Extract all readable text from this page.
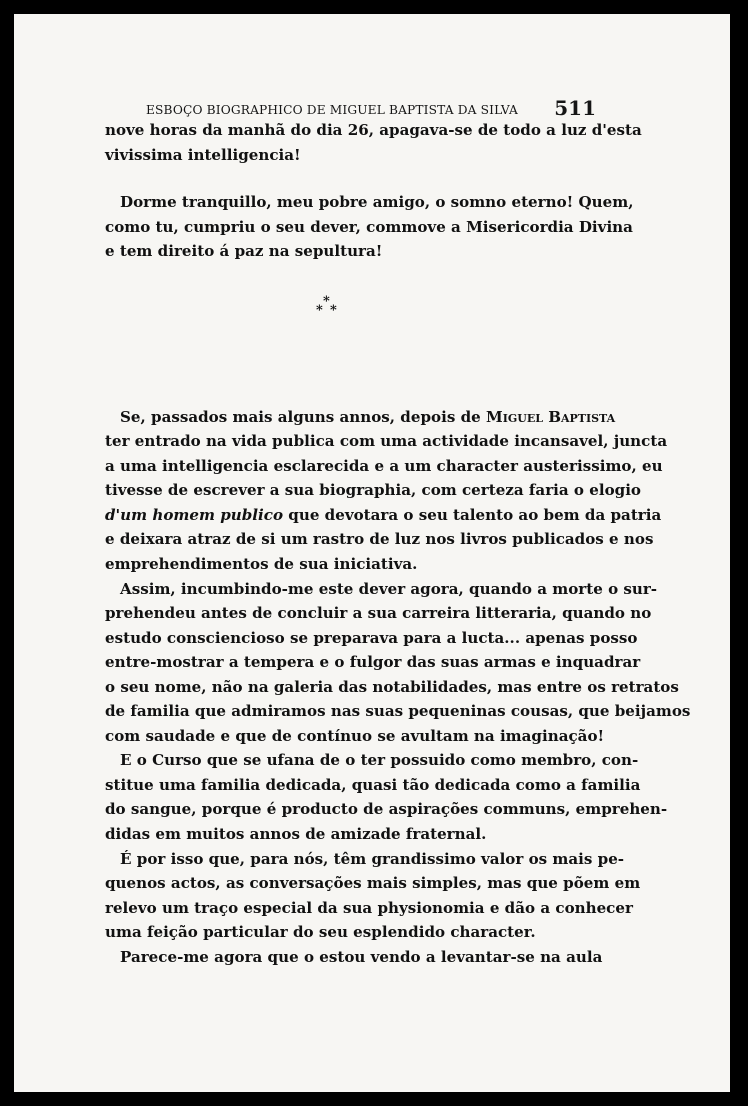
ESBOÇO BIOGRAPHICO DE MIGUEL BAPTISTA DA SILVA 511
nove horas da manhã do dia 26, apagava-se de todo a luz d'esta
vivissima intelligencia!
Dorme tranquillo, meu pobre amigo, o somno eterno! Quem,
como tu, cumpriu o seu dever, commove a Misericordia Divina
e tem direito á paz na sepultura!
*
* *
Se, passados mais alguns annos, depois de Miguel Baptista
ter entrado na vida publica com uma actividade incansavel, juncta
a uma intelligencia esclarecida e a um character austerissimo, eu
tivesse de escrever a sua biographia, com certeza faria o elogio
d'um homem publico que devotara o seu talento ao bem da patria
e deixara atraz de si um rastro de luz nos livros publicados e nos
emprehendimentos de sua iniciativa.
Assim, incumbindo-me este dever agora, quando a morte o sur-
prehendeu antes de concluir a sua carreira litteraria, quando no
estudo consciencioso se preparava para a lucta... apenas posso
entre-mostrar a tempera e o fulgor das suas armas e inquadrar
o seu nome, não na galeria das notabilidades, mas entre os retratos
de familia que admiramos nas suas pequeninas cousas, que beijamos
com saudade e que de contínuo se avultam na imaginação!
E o Curso que se ufana de o ter possuido como membro, con-
stitue uma familia dedicada, quasi tão dedicada como a familia
do sangue, porque é producto de aspirações communs, emprehen-
didas em muitos annos de amizade fraternal.
É por isso que, para nós, têm grandissimo valor os mais pe-
quenos actos, as conversações mais simples, mas que põem em
relevo um traço especial da sua physionomia e dão a conhecer
uma feição particular do seu esplendido character.
Parece-me agora que o estou vendo a levantar-se na aula
